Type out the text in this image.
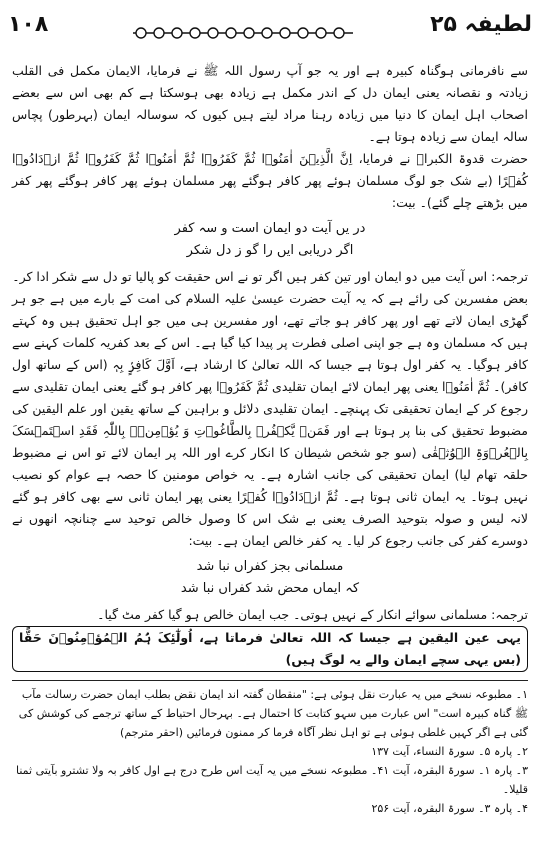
۱۰۸	لطیفہ ۲۵

سے نافرمانی ہوگناہ کبیرہ ہے اور یہ جو آپ رسول اللہ ﷺ نے فرمایا، الایمان مکمل فی القلب زیادتہ و نقصانہ یعنی ایمان دل کے اندر مکمل ہے زیادہ بھی ہوسکتا ہے کم بھی اس سے بعضے اصحاب اہل ایمان کا دنیا میں زیادہ رہنا مراد لیتے ہیں کیوں کہ سوسالہ ایمان (بہرطور) پچاس سالہ ایمان سے زیادہ ہوتا ہے۔

حضرت قدوۃ الکبراؒ نے فرمایا، اِنَّ الَّذِیۡنَ اٰمَنُوۡا ثُمَّ کَفَرُوۡا ثُمَّ اٰمَنُوۡا ثُمَّ کَفَرُوۡا ثُمَّ ازۡدَادُوۡا کُفۡرًا (بے شک جو لوگ مسلمان ہوئے پھر کافر ہوگئے پھر مسلمان ہوئے پھر کافر ہوگئے پھر کفر میں بڑھتے چلے گئے)۔ بیت:

در یں آیت دو ایمان است و سہ کفر
اگر دریابی ایں را گو ز دل شکر

ترجمہ: اس آیت میں دو ایمان اور تین کفر ہیں اگر تو نے اس حقیقت کو پالیا تو دل سے شکر ادا کر۔

بعض مفسرین کی رائے ہے کہ یہ آیت حضرت عیسیٰ علیہ السلام کی امت کے بارے میں ہے جو ہر گھڑی ایمان لاتے تھے اور پھر کافر ہو جاتے تھے، اور مفسرین ہی میں جو اہل تحقیق ہیں وہ کہتے ہیں کہ مسلمان وہ ہے جو اپنی اصلی فطرت پر پیدا کیا گیا ہے۔ اس کے بعد کفریہ کلمات کہنے سے کافر ہوگیا۔ یہ کفر اول ہوتا ہے جیسا کہ اللہ تعالیٰ کا ارشاد ہے، اَوَّلَ کَافِرٍۢ بِہٖ (اس کے ساتھ اول کافر)۔ ثُمَّ اٰمَنُوۡا یعنی پھر ایمان لائے ایمان تقلیدی ثُمَّ کَفَرُوۡا پھر کافر ہو گئے یعنی ایمان تقلیدی سے رجوع کر کے ایمان تحقیقی تک پہنچے۔ ایمان تقلیدی دلائل و براہین کے ساتھ یقین اور علم الیقین کی مضبوط تحقیق کی بنا پر ہوتا ہے اور فَمَنۡ یَّکۡفُرۡ بِالطَّاغُوۡتِ وَ یُؤۡمِنۡۢ بِاللّٰہِ فَقَدِ اسۡتَمۡسَکَ بِالۡعُرۡوَۃِ الۡوُثۡقٰی (سو جو شخص شیطان کا انکار کرے اور اللہ پر ایمان لائے تو اس نے مضبوط حلقہ تھام لیا) ایمان تحقیقی کی جانب اشارہ ہے۔ یہ خواص مومنین کا حصہ ہے عوام کو نصیب نہیں ہوتا۔ یہ ایمان ثانی ہوتا ہے۔ ثُمَّ ازۡدَادُوۡا کُفۡرًا یعنی پھر ایمان ثانی سے بھی کافر ہو گئے لانہ لیس و صولہ بتوحید الصرف یعنی بے شک اس کا وصول خالص توحید سے چنانچہ انھوں نے دوسرے کفر کی جانب رجوع کر لیا۔ یہ کفر خالص ایمان ہے۔ بیت:

مسلمانی بجز کفراں نبا شد
کہ ایماں محض شد کفراں نبا شد

ترجمہ: مسلمانی سوائے انکار کے نہیں ہوتی۔ جب ایمان خالص ہو گیا کفر مٹ گیا۔

یہی عین الیقین ہے جیسا کہ اللہ تعالیٰ فرماتا ہے، اُولٰٓئِکَ ہُمُ الۡمُؤۡمِنُوۡنَ حَقًّا (بس یہی سچے ایمان والے یہ لوگ ہیں)

۱۔ مطبوعہ نسخے میں یہ عبارت نقل ہوئی ہے: "منقطان گفتہ اند ایمان نقض بطلب ایمان حضرت رسالت مآب ﷺ گناہ کبیرہ است" اس عبارت میں سہو کتابت کا احتمال ہے۔ بہرحال احتیاط کے ساتھ ترجمے کی کوشش کی گئی ہے اگر کہیں غلطی ہوئی ہے تو اہل نظر آگاہ فرما کر ممنون فرمائیں (احقر مترجم)

۲۔ پارہ ۵۔ سورۃ النساء، آیت ۱۳۷

۳۔ پارہ ۱۔ سورۃ البقرہ، آیت ۴۱۔ مطبوعہ نسخے میں یہ آیت اس طرح درج ہے اول کافر بہ ولا تشترو بآیتی ثمنا قلیلا۔

۴۔ پارہ ۳۔ سورۃ البقرہ، آیت ۲۵۶
